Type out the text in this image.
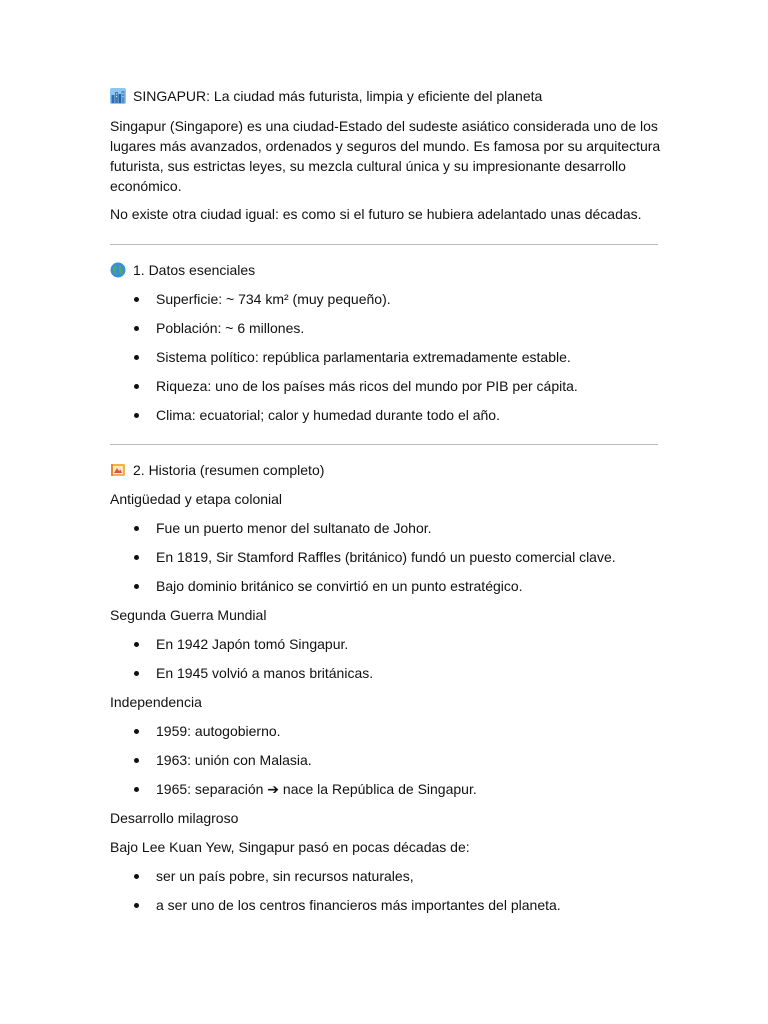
SINGAPUR: La ciudad más futurista, limpia y eficiente del planeta
Singapur (Singapore) es una ciudad-Estado del sudeste asiático considerada uno de los
lugares más avanzados, ordenados y seguros del mundo. Es famosa por su arquitectura
futurista, sus estrictas leyes, su mezcla cultural única y su impresionante desarrollo
económico.
No existe otra ciudad igual: es como si el futuro se hubiera adelantado unas décadas.
1. Datos esenciales
Superficie: ~ 734 km² (muy pequeño).
Población: ~ 6 millones.
Sistema político: república parlamentaria extremadamente estable.
Riqueza: uno de los países más ricos del mundo por PIB per cápita.
Clima: ecuatorial; calor y humedad durante todo el año.
2. Historia (resumen completo)
Antigüedad y etapa colonial
Fue un puerto menor del sultanato de Johor.
En 1819, Sir Stamford Raffles (británico) fundó un puesto comercial clave.
Bajo dominio británico se convirtió en un punto estratégico.
Segunda Guerra Mundial
En 1942 Japón tomó Singapur.
En 1945 volvió a manos británicas.
Independencia
1959: autogobierno.
1963: unión con Malasia.
1965: separación ➔ nace la República de Singapur.
Desarrollo milagroso
Bajo Lee Kuan Yew, Singapur pasó en pocas décadas de:
ser un país pobre, sin recursos naturales,
a ser uno de los centros financieros más importantes del planeta.
